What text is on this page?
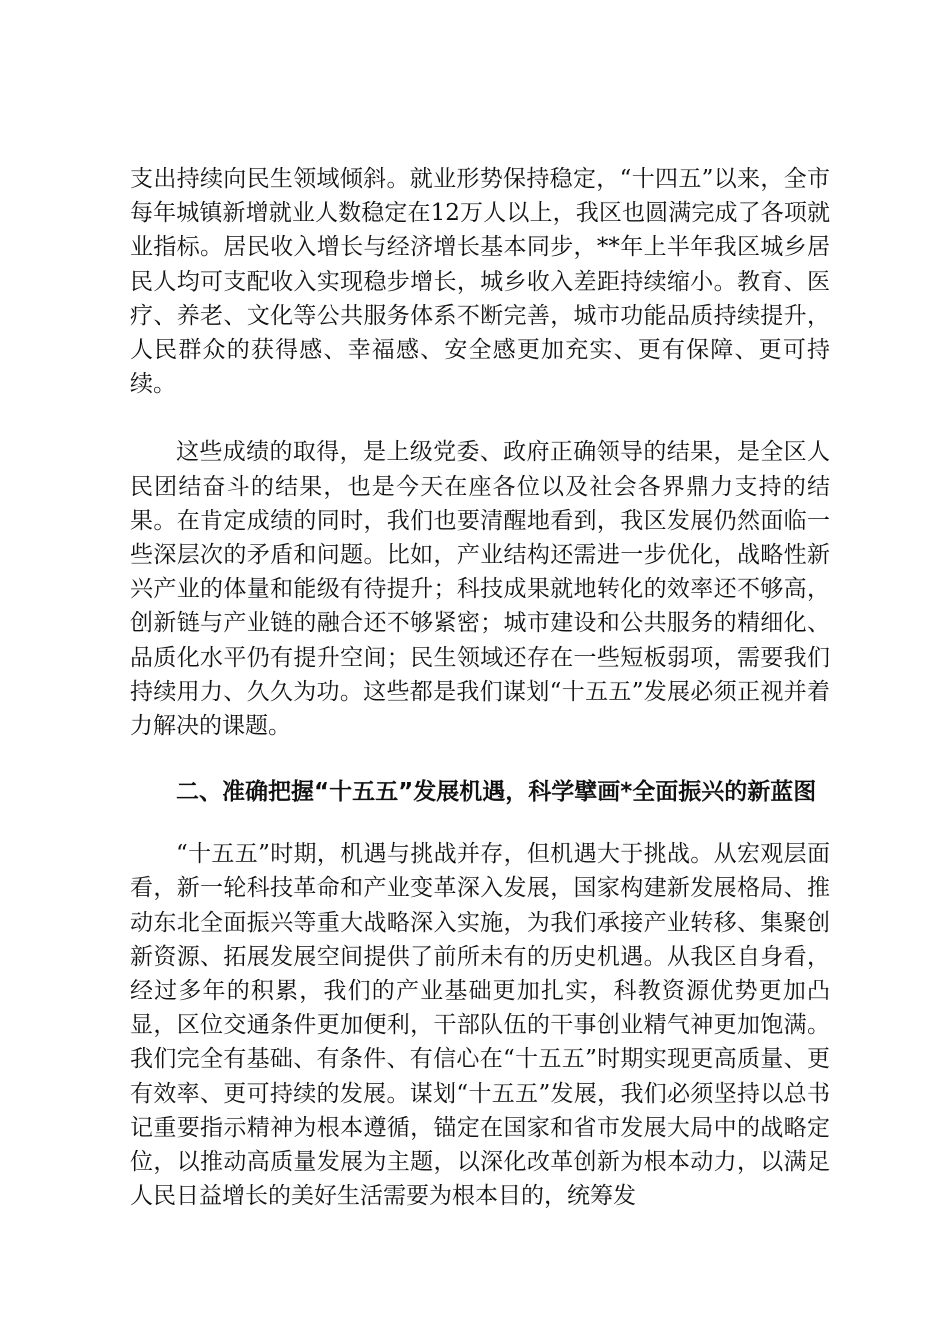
支出持续向民生领域倾斜。就业形势保持稳定，“十四五”以来，全市每年城镇新增就业人数稳定在12万人以上，我区也圆满完成了各项就业指标。居民收入增长与经济增长基本同步，**年上半年我区城乡居民人均可支配收入实现稳步增长，城乡收入差距持续缩小。教育、医疗、养老、文化等公共服务体系不断完善，城市功能品质持续提升，人民群众的获得感、幸福感、安全感更加充实、更有保障、更可持续。

这些成绩的取得，是上级党委、政府正确领导的结果，是全区人民团结奋斗的结果，也是今天在座各位以及社会各界鼎力支持的结果。在肯定成绩的同时，我们也要清醒地看到，我区发展仍然面临一些深层次的矛盾和问题。比如，产业结构还需进一步优化，战略性新兴产业的体量和能级有待提升；科技成果就地转化的效率还不够高，创新链与产业链的融合还不够紧密；城市建设和公共服务的精细化、品质化水平仍有提升空间；民生领域还存在一些短板弱项，需要我们持续用力、久久为功。这些都是我们谋划“十五五”发展必须正视并着力解决的课题。

二、准确把握“十五五”发展机遇，科学擘画*全面振兴的新蓝图

“十五五”时期，机遇与挑战并存，但机遇大于挑战。从宏观层面看，新一轮科技革命和产业变革深入发展，国家构建新发展格局、推动东北全面振兴等重大战略深入实施，为我们承接产业转移、集聚创新资源、拓展发展空间提供了前所未有的历史机遇。从我区自身看，经过多年的积累，我们的产业基础更加扎实，科教资源优势更加凸显，区位交通条件更加便利，干部队伍的干事创业精气神更加饱满。我们完全有基础、有条件、有信心在“十五五”时期实现更高质量、更有效率、更可持续的发展。谋划“十五五”发展，我们必须坚持以总书记重要指示精神为根本遵循，锚定在国家和省市发展大局中的战略定位，以推动高质量发展为主题，以深化改革创新为根本动力，以满足人民日益增长的美好生活需要为根本目的，统筹发
